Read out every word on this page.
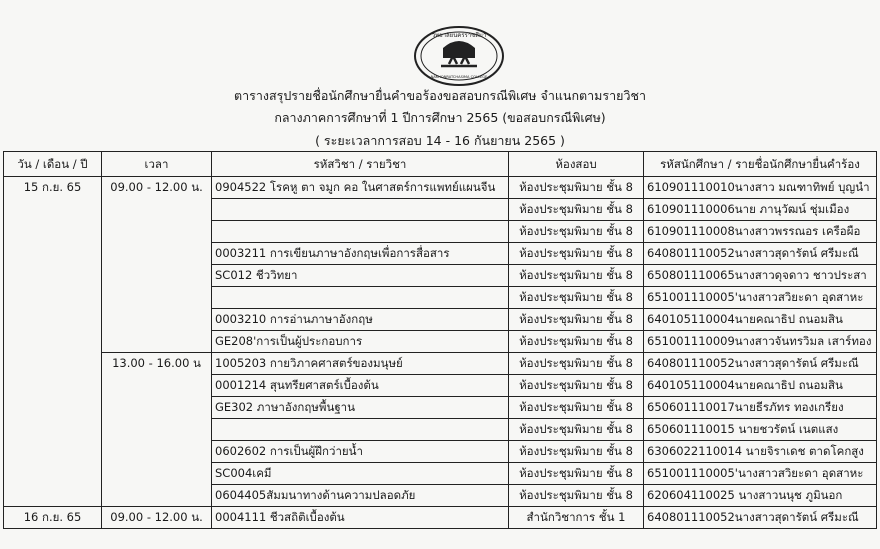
วิทยาลัยนครราชสีมา
NAKHONRATCHASIMA COLLEGE
ตารางสรุปรายชื่อนักศึกษายื่นคำขอร้องขอสอบกรณีพิเศษ จำแนกตามรายวิชา
กลางภาคการศึกษาที่ 1 ปีการศึกษา 2565 (ขอสอบกรณีพิเศษ)
( ระยะเวลาการสอบ 14 - 16 กันยายน 2565 )
วัน / เดือน / ปี	เวลา	รหัสวิชา / รายวิชา	ห้องสอบ	รหัสนักศึกษา / รายชื่อนักศึกษายื่นคำร้อง
15 ก.ย. 65	09.00 - 12.00 น.	0904522 โรคหู ตา จมูก คอ ในศาสตร์การแพทย์แผนจีน	ห้องประชุมพิมาย ชั้น 8	610901110010นางสาว มณฑาทิพย์ บุญนำ
			ห้องประชุมพิมาย ชั้น 8	610901110006นาย ภานุวัฒน์ ชุ่มเมือง
			ห้องประชุมพิมาย ชั้น 8	610901110008นางสาวพรรณอร เครือผือ
		0003211 การเขียนภาษาอังกฤษเพื่อการสื่อสาร	ห้องประชุมพิมาย ชั้น 8	640801110052นางสาวสุดารัตน์ ศรีมะณี
		SC012 ชีววิทยา	ห้องประชุมพิมาย ชั้น 8	650801110065นางสาวดุจดาว ชาวประสา
			ห้องประชุมพิมาย ชั้น 8	651001110005'นางสาวสวิยะดา อุดสาหะ
		0003210 การอ่านภาษาอังกฤษ	ห้องประชุมพิมาย ชั้น 8	640105110004นายคณาธิป ถนอมสิน
		GE208'การเป็นผู้ประกอบการ	ห้องประชุมพิมาย ชั้น 8	651001110009นางสาวจันทรวิมล เสาร์ทอง
	13.00 - 16.00 น	1005203 กายวิภาคศาสตร์ของมนุษย์	ห้องประชุมพิมาย ชั้น 8	640801110052นางสาวสุดารัตน์ ศรีมะณี
		0001214 สุนทรียศาสตร์เบื้องต้น	ห้องประชุมพิมาย ชั้น 8	640105110004นายคณาธิป ถนอมสิน
		GE302 ภาษาอังกฤษพื้นฐาน	ห้องประชุมพิมาย ชั้น 8	650601110017นายธีรภัทร ทองเกรียง
			ห้องประชุมพิมาย ชั้น 8	650601110015 นายชวรัตน์ เนตแสง
		0602602 การเป็นผู้ฝึกว่ายน้ำ	ห้องประชุมพิมาย ชั้น 8	6306022110014 นายจิราเดช ตาดโคกสูง
		SC004เคมี	ห้องประชุมพิมาย ชั้น 8	651001110005'นางสาวสวิยะดา อุดสาหะ
		0604405สัมมนาทางด้านความปลอดภัย	ห้องประชุมพิมาย ชั้น 8	620604110025 นางสาวนนุช ภูมินอก
16 ก.ย. 65	09.00 - 12.00 น.	0004111 ชีวสถิติเบื้องต้น	สำนักวิชาการ ชั้น 1	640801110052นางสาวสุดารัตน์ ศรีมะณี
